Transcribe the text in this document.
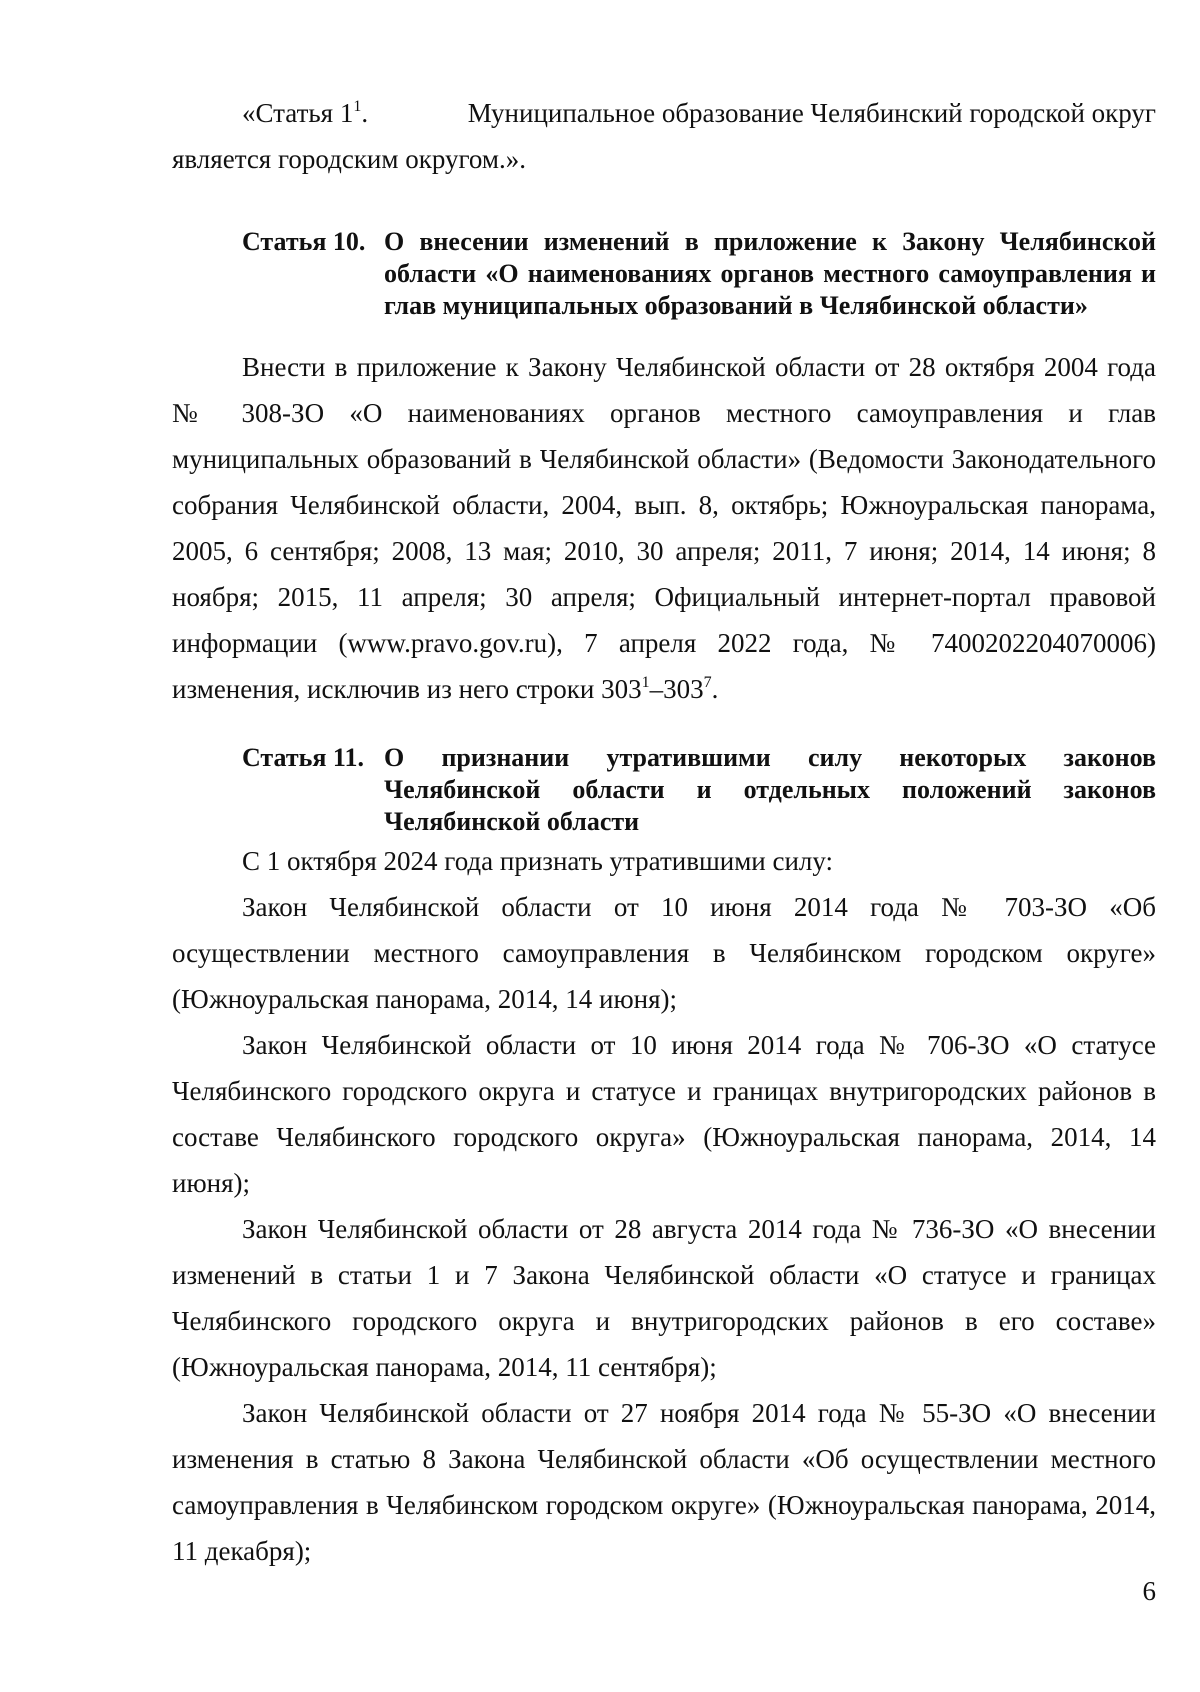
«Статья $1^1$.	Муниципальное образование Челябинский городской округ

является городским округом.».

Статья 10. О внесении изменений в приложение к Закону Челябинской области «О наименованиях органов местного самоуправления и глав муниципальных образований в Челябинской области»

Внести в приложение к Закону Челябинской области от 28 октября 2004 года № 308-ЗО «О наименованиях органов местного самоуправления и глав муниципальных образований в Челябинской области» (Ведомости Законодательного собрания Челябинской области, 2004, вып. 8, октябрь; Южноуральская панорама, 2005, 6 сентября; 2008, 13 мая; 2010, 30 апреля; 2011, 7 июня; 2014, 14 июня; 8 ноября; 2015, 11 апреля; 30 апреля; Официальный интернет-портал правовой информации (www.pravo.gov.ru), 7 апреля 2022 года, № 7400202204070006) изменения, исключив из него строки $303^1-303^7$.

Статья 11. О признании утратившими силу некоторых законов Челябинской области и отдельных положений законов Челябинской области

С 1 октября 2024 года признать утратившими силу:

Закон Челябинской области от 10 июня 2014 года № 703-ЗО «Об осуществлении местного самоуправления в Челябинском городском округе» (Южноуральская панорама, 2014, 14 июня);

Закон Челябинской области от 10 июня 2014 года № 706-ЗО «О статусе Челябинского городского округа и статусе и границах внутригородских районов в составе Челябинского городского округа» (Южноуральская панорама, 2014, 14 июня);

Закон Челябинской области от 28 августа 2014 года № 736-ЗО «О внесении изменений в статьи 1 и 7 Закона Челябинской области «О статусе и границах Челябинского городского округа и внутригородских районов в его составе» (Южноуральская панорама, 2014, 11 сентября);

Закон Челябинской области от 27 ноября 2014 года № 55-ЗО «О внесении изменения в статью 8 Закона Челябинской области «Об осуществлении местного самоуправления в Челябинском городском округе» (Южноуральская панорама, 2014, 11 декабря);

6
